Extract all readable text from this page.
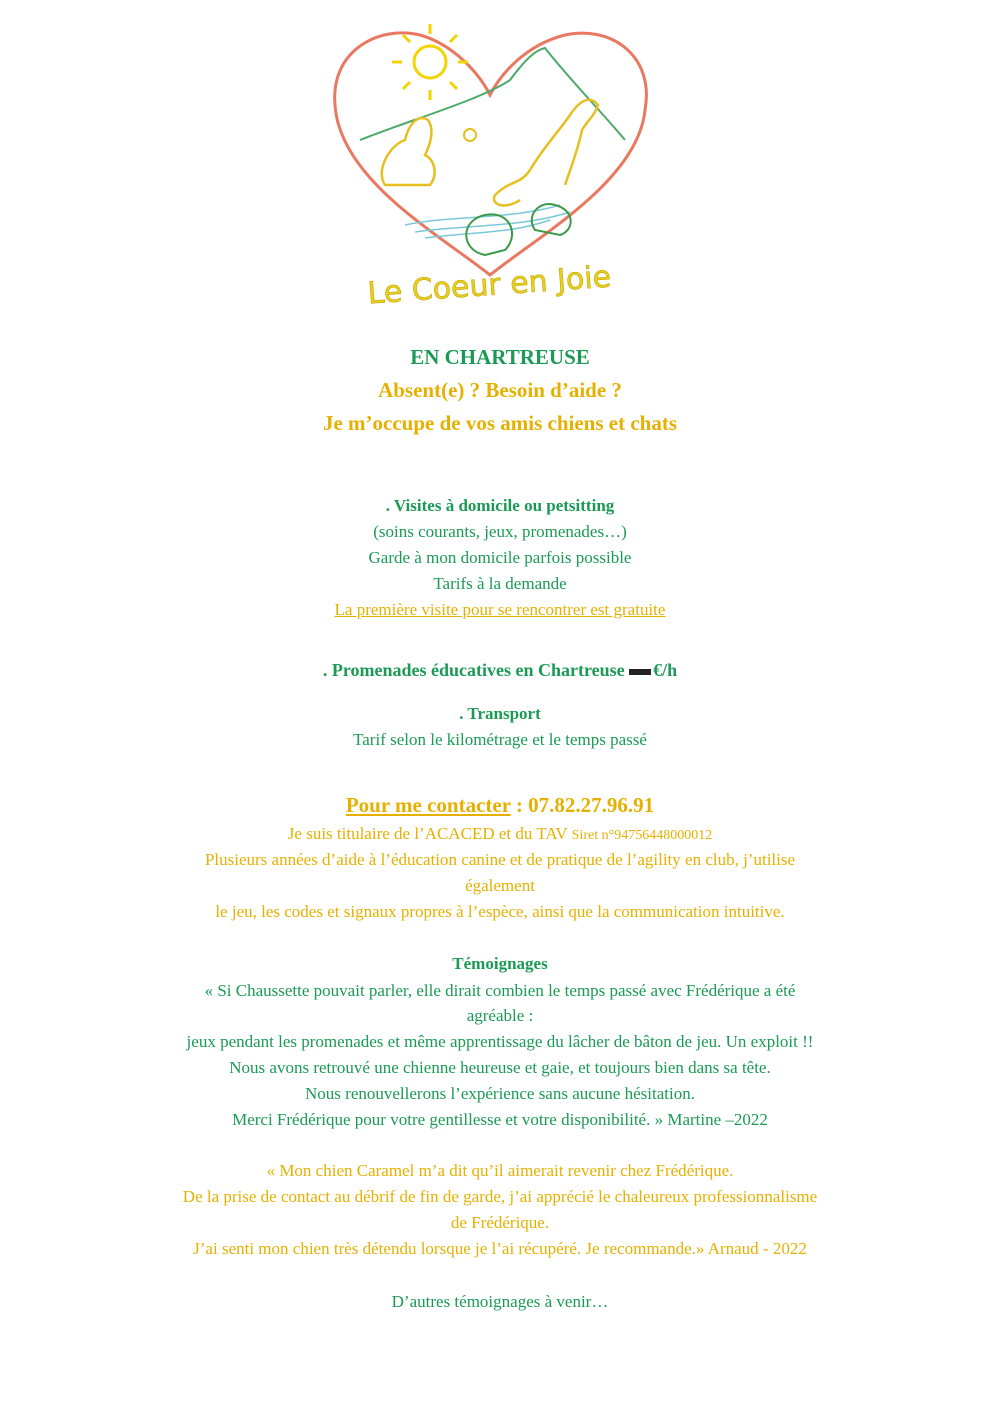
Le Coeur en Joie
EN CHARTREUSE
Absent(e) ? Besoin d’aide ?
Je m’occupe de vos amis chiens et chats
. Visites à domicile ou petsitting
(soins courants, jeux, promenades…)
Garde à mon domicile parfois possible
Tarifs à la demande
La première visite pour se rencontrer est gratuite
. Promenades éducatives en Chartreuse €/h
. Transport
Tarif selon le kilométrage et le temps passé
Pour me contacter : 07.82.27.96.91
Je suis titulaire de l’ACACED et du TAV Siret n°94756448000012
Plusieurs années d’aide à l’éducation canine et de pratique de l’agility en club, j’utilise
également
le jeu, les codes et signaux propres à l’espèce, ainsi que la communication intuitive.
Témoignages
« Si Chaussette pouvait parler, elle dirait combien le temps passé avec Frédérique a été
agréable :
jeux pendant les promenades et même apprentissage du lâcher de bâton de jeu. Un exploit !!
Nous avons retrouvé une chienne heureuse et gaie, et toujours bien dans sa tête.
Nous renouvellerons l’expérience sans aucune hésitation.
Merci Frédérique pour votre gentillesse et votre disponibilité. » Martine –2022
« Mon chien Caramel m’a dit qu’il aimerait revenir chez Frédérique.
De la prise de contact au débrif de fin de garde, j’ai apprécié le chaleureux professionnalisme
de Frédérique.
J’ai senti mon chien très détendu lorsque je l’ai récupéré. Je recommande.» Arnaud - 2022
D’autres témoignages à venir…
